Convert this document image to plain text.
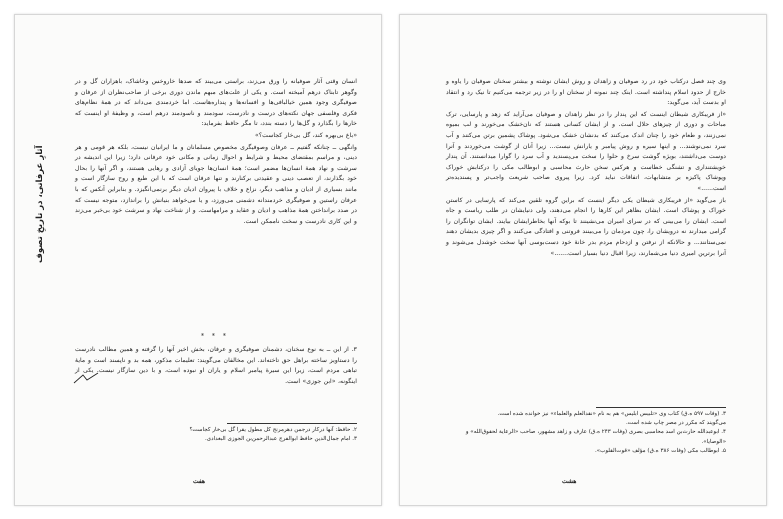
آثارِ عرفانی، در تاریخِ تصوف

انسان وقتی آثار صوفیانه را ورق می‌زند، براستی می‌بیند که صدها خاروخس وخاشاک، باهزاران گل و در وگوهر تابناک درهم آمیخته است. و یکی از علت‌های مبهم ماندن دوری برخی از صاحب‌نظران از عرفان و صوفیگری وجود همین خیالبافی‌ها و افسانه‌ها و پنداره‌هاست. اما خردمندی می‌داند که در همهٔ نظام‌های فکری وفلسفی جهان نکته‌های درست و نادرست، سودمند و ناسودمند درهم است، و وظیفهٔ او اینست که خارها را بگذارد و گل‌ها را دسته بندد، تا مگر حافظ بفرماید:

«باغ بی‌بهره کند، گل بی‌خار کجاست؟»

وانگهی ــ چنانکه گفتیم ــ عرفان وصوفیگری مخصوص مسلمانان و ما ایرانیان نیست، بلکه هر قومی و هر دینی، و مراسم بمقتضای محیط و شرایط و احوال زمانی و مکانی خود عرفانی دارد؛ زیرا این اندیشه در سرشت و نهاد همهٔ انسان‌ها مضمر است؛ همهٔ انسان‌ها جویای آزادی و رهایی هستند، و اگر آنها را بحال خود بگذارند، از تعصب دینی و عقیدتی برکنارند و تنها عرفان است که با این طبع و روح سازگار است و مانند بسیاری از ادیان و مذاهب دیگر، نزاع و خلاف با پیروان ادیان دیگر برنمی‌انگیزد. و بنابراین آنکس که با عرفان راستین و صوفیگری خردمندانه دشمنی می‌ورزد، و یا می‌خواهد بنیانش را براندازد، متوجه نیست که در صدد برانداختن همهٔ مذاهب و ادیان و عقاید و مرامهاست. و از شناخت نهاد و سرشت خود بی‌خبر می‌زند و این کاری نادرست و سخت ناممکن است.

* * *

۳. از این ــ به نوع سخنان، دشمنان صوفیگری و عرفان، بخش اخیر آنها را گرفته و همین مطالب نادرست را دستاویز ساخته براهل حق تاخته‌اند. این مخالفان می‌گویند: تعلیمات مذکور، همه بد و ناپسند است و مایهٔ تباهی مردم است، زیرا این سیرهٔ پیامبر اسلام و یاران او نبوده است، و با دین سازگار نیست. یکی از اینگونه، «ابن جوزی» است.

۲. حافظ: آنها درکار درجمن دهرمرنج کل مطول ‌یقرا گل بی‌خار کجاست؟
۳. امام جمال‌الدین حافظ ابوالفرج عبدالرحمن‌بن الجوزی البغدادی.
هفت

وی چند فصل درکتاب خود در رد صوفیان و زاهدان و روش ایشان نوشته و بیشتر سخنان صوفیان را یاوه و خارج از حدود اسلام پنداشته است. اینک چند نمونه از سخنان او را در زیر ترجمه می‌کنیم تا نیک رد و انتقاد او بدست آید، می‌گوید:

«از فریبکاری شیطان اینست که این پندار را در نظر زاهدان و صوفیان می‌آراید که زهد و پارسایی، ترک مباحات و دوری از چیزهای حلال است. و از ایشان کسانی هستند که نان‌خشک می‌خورند و لب بمیوه نمی‌زنند، و طعام خود را چنان اندک می‌کنند که بدنشان خشک می‌شود. پوشاک پشمین برتن می‌کنند و آب سرد نمی‌نوشند... و اینها سیره و روش پیامبر و یارانش نیست... زیرا آنان از گوشت می‌خوردند و آنرا دوست می‌داشتند، بویژه گوشت سرخ و حلوا را سخت می‌پسندید و آب سرد را گوارا میدانستند. آن پندار خویشتنداری و تشنگی خطاست و هرکس سخن حارث محاسبی و ابوطالب مکی را درکتابش خوراک وپوشاک پاکیزه بر متشابهات، اتفاقات نباید کرد. زیرا پیروی صاحب شریعت واجب‌تر و پسندیده‌تر است......»

باز می‌گوید «از فریبکاری شیطان یکی دیگر اینست که براین گروه تلقین می‌کند که پارسایی در کاستن خوراک و پوشاک است. ایشان بظاهر این کارها را انجام می‌دهند، ولی دنیایشان در طلب ریاست و جاه است. ایشان را می‌بینی که در سرای امیران می‌نشینند تا بوکه آنها بخاطرایشان بیایند. ایشان توانگران را گرامی میدارند نه درویشان را، چون مردمان را می‌بینند فروتنی و افتادگی می‌کنند و اگر چیزی بدیشان دهند نمی‌ستانند... و حالانکه از نرفتن و ازدحام مردم بدر خانهٔ خود دست‌بوسی آنها سخت خوشدل می‌شوند و آنرا بر‌ترین امیری دنیا می‌شمارند، زیرا اقبال دنیا بسیار است.......»

۳. (وفات ۵۹۷ ه.ق) کتاب وی «تلبیس ابلیس» هم به نام «نقدالعلم والعلماء» نیز خوانده شده است.
می‌گویند که مکرر در مصر چاپ شده است.
۴. ابوعبدالله حارث‌بن اسد محاسبی بصری (وفات ۲۴۳ ه.ق) عارف و زاهد مشهور، صاحب «الرعایة لحقوق‌الله» و «الوصایا».
۵. ابوطالب مکی (وفات ۳۸۶ ه.ق) مؤلف «قوت‌القلوب».
هشت
